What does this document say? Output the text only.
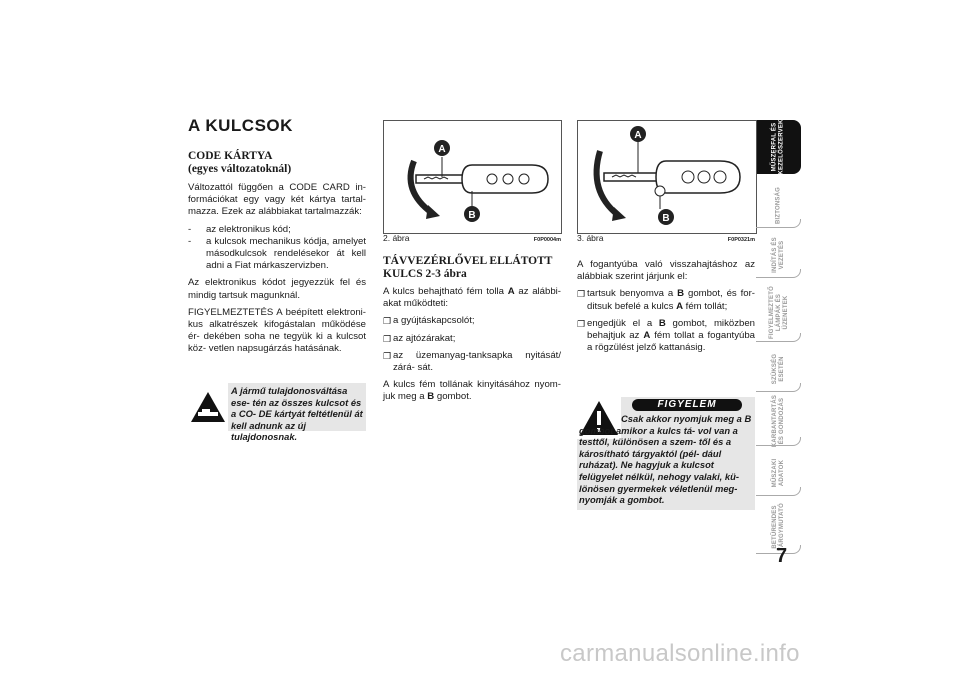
A KULCSOK
CODE KÁRTYA
(egyes változatoknál)

Változattól függően a CODE CARD in- formációkat egy vagy két kártya tartal- mazza. Ezek az alábbiakat tartalmazzák:

-	az elektronikus kód;
-	a kulcsok mechanikus kódja, amelyet másodkulcsok rendelésekor át kell adni a Fiat márkaszervizben.

Az elektronikus kódot jegyezzük fel és mindig tartsuk magunknál.

FIGYELMEZTETÉS A beépített elektroni- kus alkatrészek kifogástalan működése ér- dekében soha ne tegyük ki a kulcsot köz- vetlen napsugárzás hatásának.

A jármű tulajdonosváltása ese- tén az összes kulcsot és a CO- DE kártyát feltétlenül át kell adnunk az új tulajdonosnak.
A
B
2. ábra	F0P0004m
A
B
3. ábra	F0P0321m
TÁVVEZÉRLŐVEL ELLÁTOTT
KULCS 2-3 ábra

A kulcs behajtható fém tolla A az alábbi- akat működteti:

❐ a gyújtáskapcsolót;
❐ az ajtózárakat;
❐ az üzemanyag-tanksapka nyitását/ zárá- sát.

A kulcs fém tollának kinyitásához nyom- juk meg a B gombot.

A fogantyúba való visszahajtáshoz az alábbiak szerint járjunk el:

❐ tartsuk benyomva a B gombot, és for- ditsuk befelé a kulcs A fém tollát;
❐ engedjük el a B gombot, miközben behajtjuk az A fém tollat a fogantyúba a rögzülést jelző kattanásig.
FIGYELEM
Csak akkor nyomjuk meg a B gombot amikor a kulcs tá- vol van a testtől, különösen a szem- től és a károsítható tárgyaktól (pél- dául ruházat). Ne hagyjuk a kulcsot felügyelet nélkül, nehogy valaki, kü- lönösen gyermekek véletlenül meg- nyomják a gombot.
MŰSZERFAL ÉS
KEZELŐSZERVEK
BIZTONSÁG
INDÍTÁS ÉS
VEZETÉS
FIGYELMEZTETŐ
LÁMPÁK ÉS
ÜZENETEK
SZÜKSÉG
ESETÉN
KARBANTARTÁS
ÉS GONDOZÁS
MŰSZAKI
ADATOK
BETŰRENDES
TÁRGYMUTATÓ
7
carmanualsonline.info
